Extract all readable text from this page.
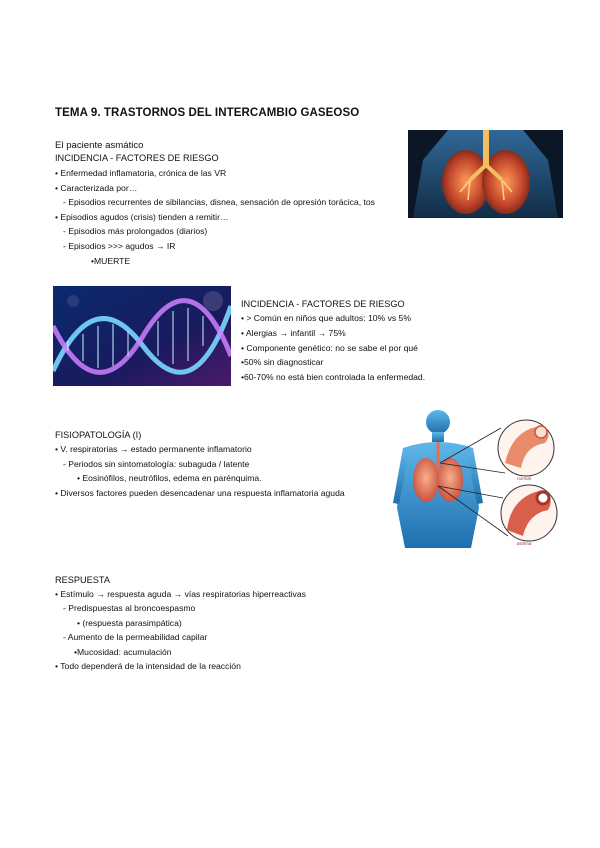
TEMA 9. TRASTORNOS DEL INTERCAMBIO GASEOSO
El paciente asmático
INCIDENCIA - FACTORES DE RIESGO
• Enfermedad inflamatoria, crónica de las VR
• Caracterizada por…
- Episodios recurrentes de sibilancias, disnea, sensación de opresión torácica, tos
• Episodios agudos (crisis) tienden a remitir…
- Episodios más prolongados (diarios)
- Episodios >>> agudos → IR
•MUERTE
INCIDENCIA - FACTORES DE RIESGO
• > Común en niños que adultos: 10% vs 5%
• Alergias → infantil → 75%
• Componente genético: no se sabe el por qué
•50% sin diagnosticar
•60-70% no está bien controlada la enfermedad.
FISIOPATOLOGÍA (I)
• V. respiratorias → estado permanente inflamatorio
- Periodos sin sintomatología: subaguda / latente
• Eosinófilos, neutrófilos, edema en parénquima.
• Diversos factores pueden desencadenar una respuesta inflamatoria aguda
normal
asthma
RESPUESTA
• Estímulo → respuesta aguda → vías respiratorias hiperreactivas
- Predispuestas al broncoespasmo
• (respuesta parasimpática)
- Aumento de la permeabilidad capilar
•Mucosidad: acumulación
• Todo dependerá de la intensidad de la reacción
